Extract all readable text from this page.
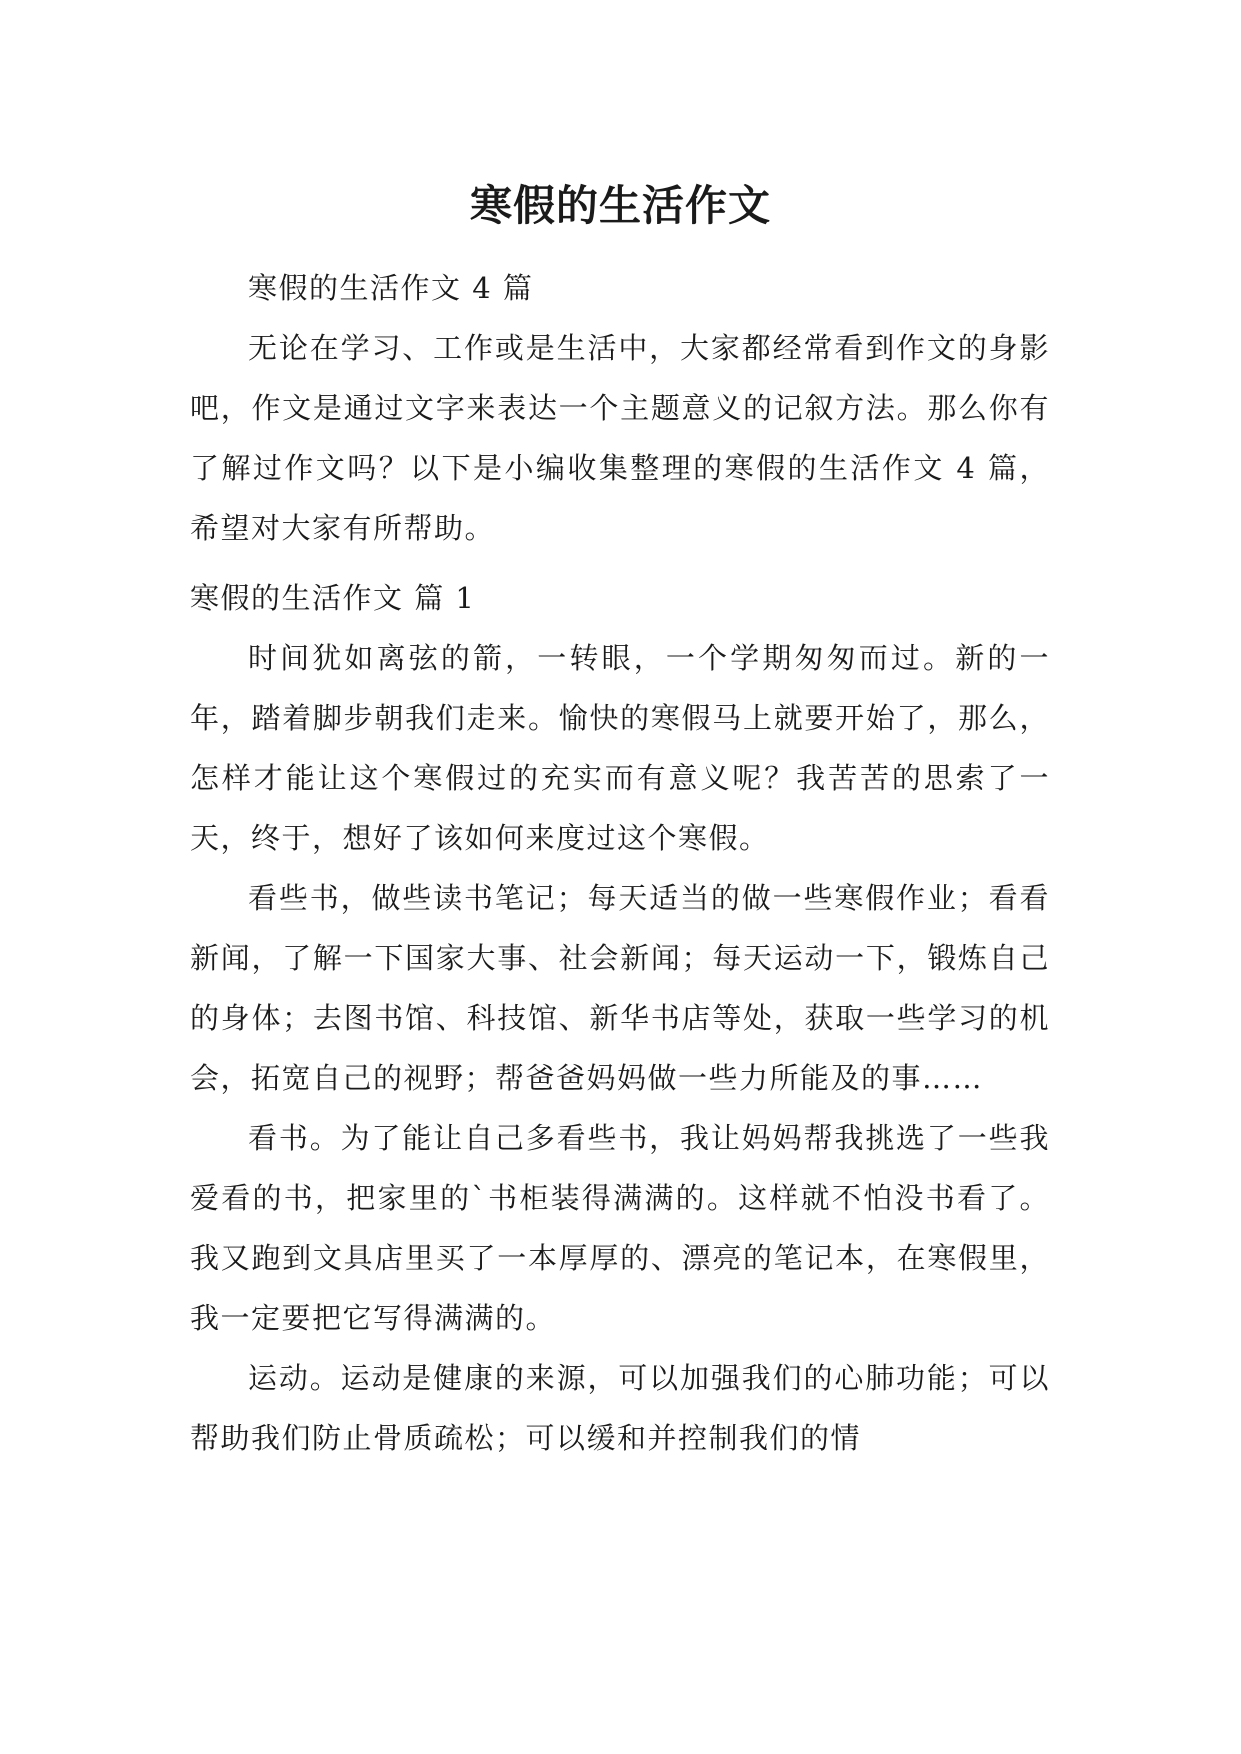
寒假的生活作文

寒假的生活作文 4 篇

无论在学习、工作或是生活中，大家都经常看到作文的身影吧，作文是通过文字来表达一个主题意义的记叙方法。那么你有了解过作文吗？以下是小编收集整理的寒假的生活作文 4 篇，希望对大家有所帮助。

寒假的生活作文 篇 1

时间犹如离弦的箭，一转眼，一个学期匆匆而过。新的一年，踏着脚步朝我们走来。愉快的寒假马上就要开始了，那么，怎样才能让这个寒假过的充实而有意义呢？我苦苦的思索了一天，终于，想好了该如何来度过这个寒假。

看些书，做些读书笔记；每天适当的做一些寒假作业；看看新闻，了解一下国家大事、社会新闻；每天运动一下，锻炼自己的身体；去图书馆、科技馆、新华书店等处，获取一些学习的机会，拓宽自己的视野；帮爸爸妈妈做一些力所能及的事……

看书。为了能让自己多看些书，我让妈妈帮我挑选了一些我爱看的书，把家里的`书柜装得满满的。这样就不怕没书看了。我又跑到文具店里买了一本厚厚的、漂亮的笔记本，在寒假里，我一定要把它写得满满的。

运动。运动是健康的来源，可以加强我们的心肺功能；可以帮助我们防止骨质疏松；可以缓和并控制我们的情
